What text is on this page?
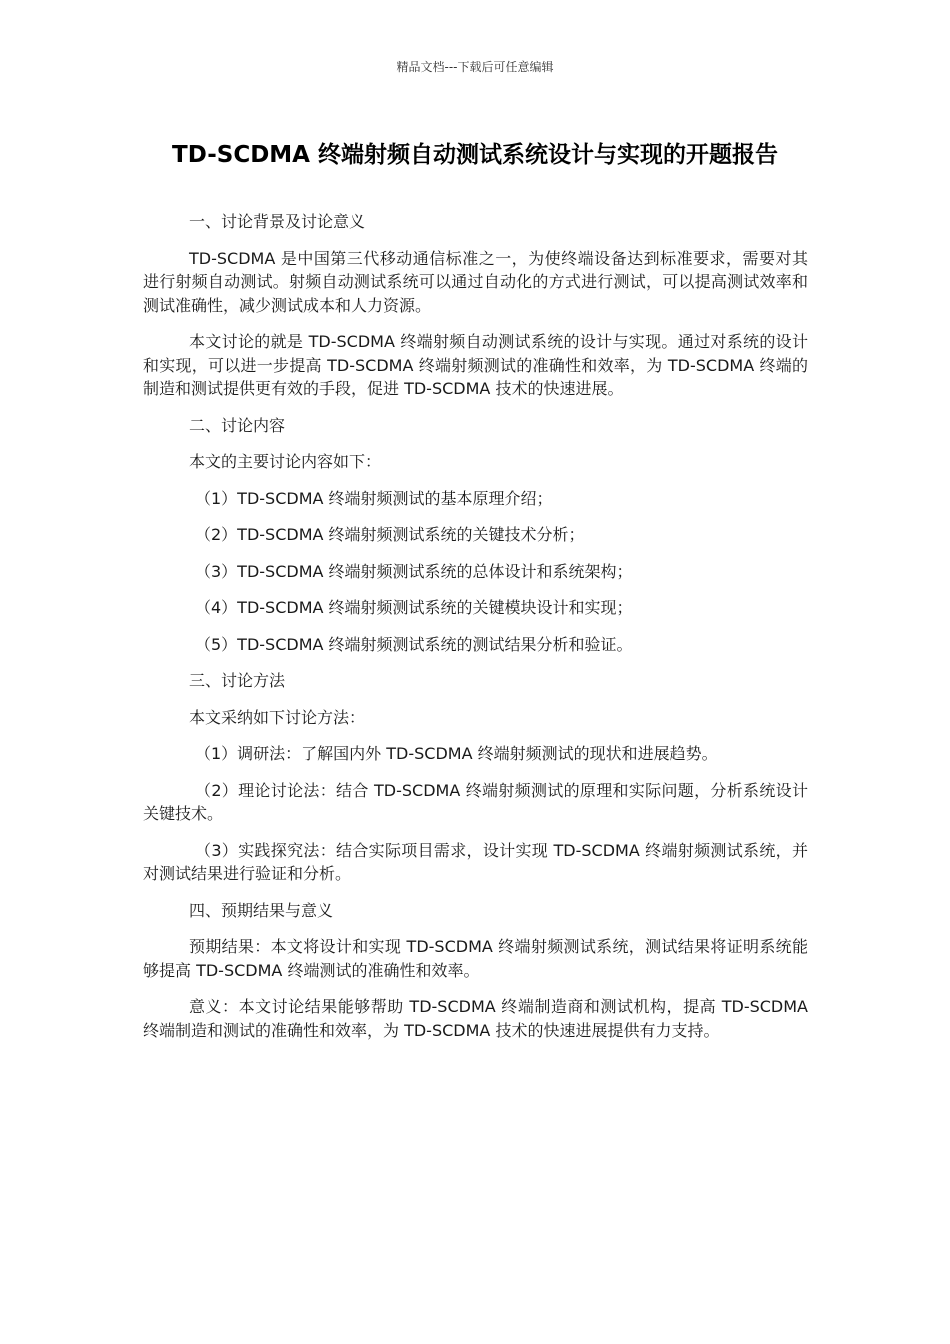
精品文档---下载后可任意编辑
TD-SCDMA 终端射频自动测试系统设计与实现的开题报告

一、讨论背景及讨论意义

TD-SCDMA 是中国第三代移动通信标准之一，为使终端设备达到标准要求，需要对其进行射频自动测试。射频自动测试系统可以通过自动化的方式进行测试，可以提高测试效率和测试准确性，减少测试成本和人力资源。

本文讨论的就是 TD-SCDMA 终端射频自动测试系统的设计与实现。通过对系统的设计和实现，可以进一步提高 TD-SCDMA 终端射频测试的准确性和效率，为 TD-SCDMA 终端的制造和测试提供更有效的手段，促进 TD-SCDMA 技术的快速进展。

二、讨论内容

本文的主要讨论内容如下：

（1）TD-SCDMA 终端射频测试的基本原理介绍；

（2）TD-SCDMA 终端射频测试系统的关键技术分析；

（3）TD-SCDMA 终端射频测试系统的总体设计和系统架构；

（4）TD-SCDMA 终端射频测试系统的关键模块设计和实现；

（5）TD-SCDMA 终端射频测试系统的测试结果分析和验证。

三、讨论方法

本文采纳如下讨论方法：

（1）调研法：了解国内外 TD-SCDMA 终端射频测试的现状和进展趋势。

（2）理论讨论法：结合 TD-SCDMA 终端射频测试的原理和实际问题，分析系统设计关键技术。

（3）实践探究法：结合实际项目需求，设计实现 TD-SCDMA 终端射频测试系统，并对测试结果进行验证和分析。

四、预期结果与意义

预期结果：本文将设计和实现 TD-SCDMA 终端射频测试系统，测试结果将证明系统能够提高 TD-SCDMA 终端测试的准确性和效率。

意义：本文讨论结果能够帮助 TD-SCDMA 终端制造商和测试机构，提高 TD-SCDMA 终端制造和测试的准确性和效率，为 TD-SCDMA 技术的快速进展提供有力支持。
